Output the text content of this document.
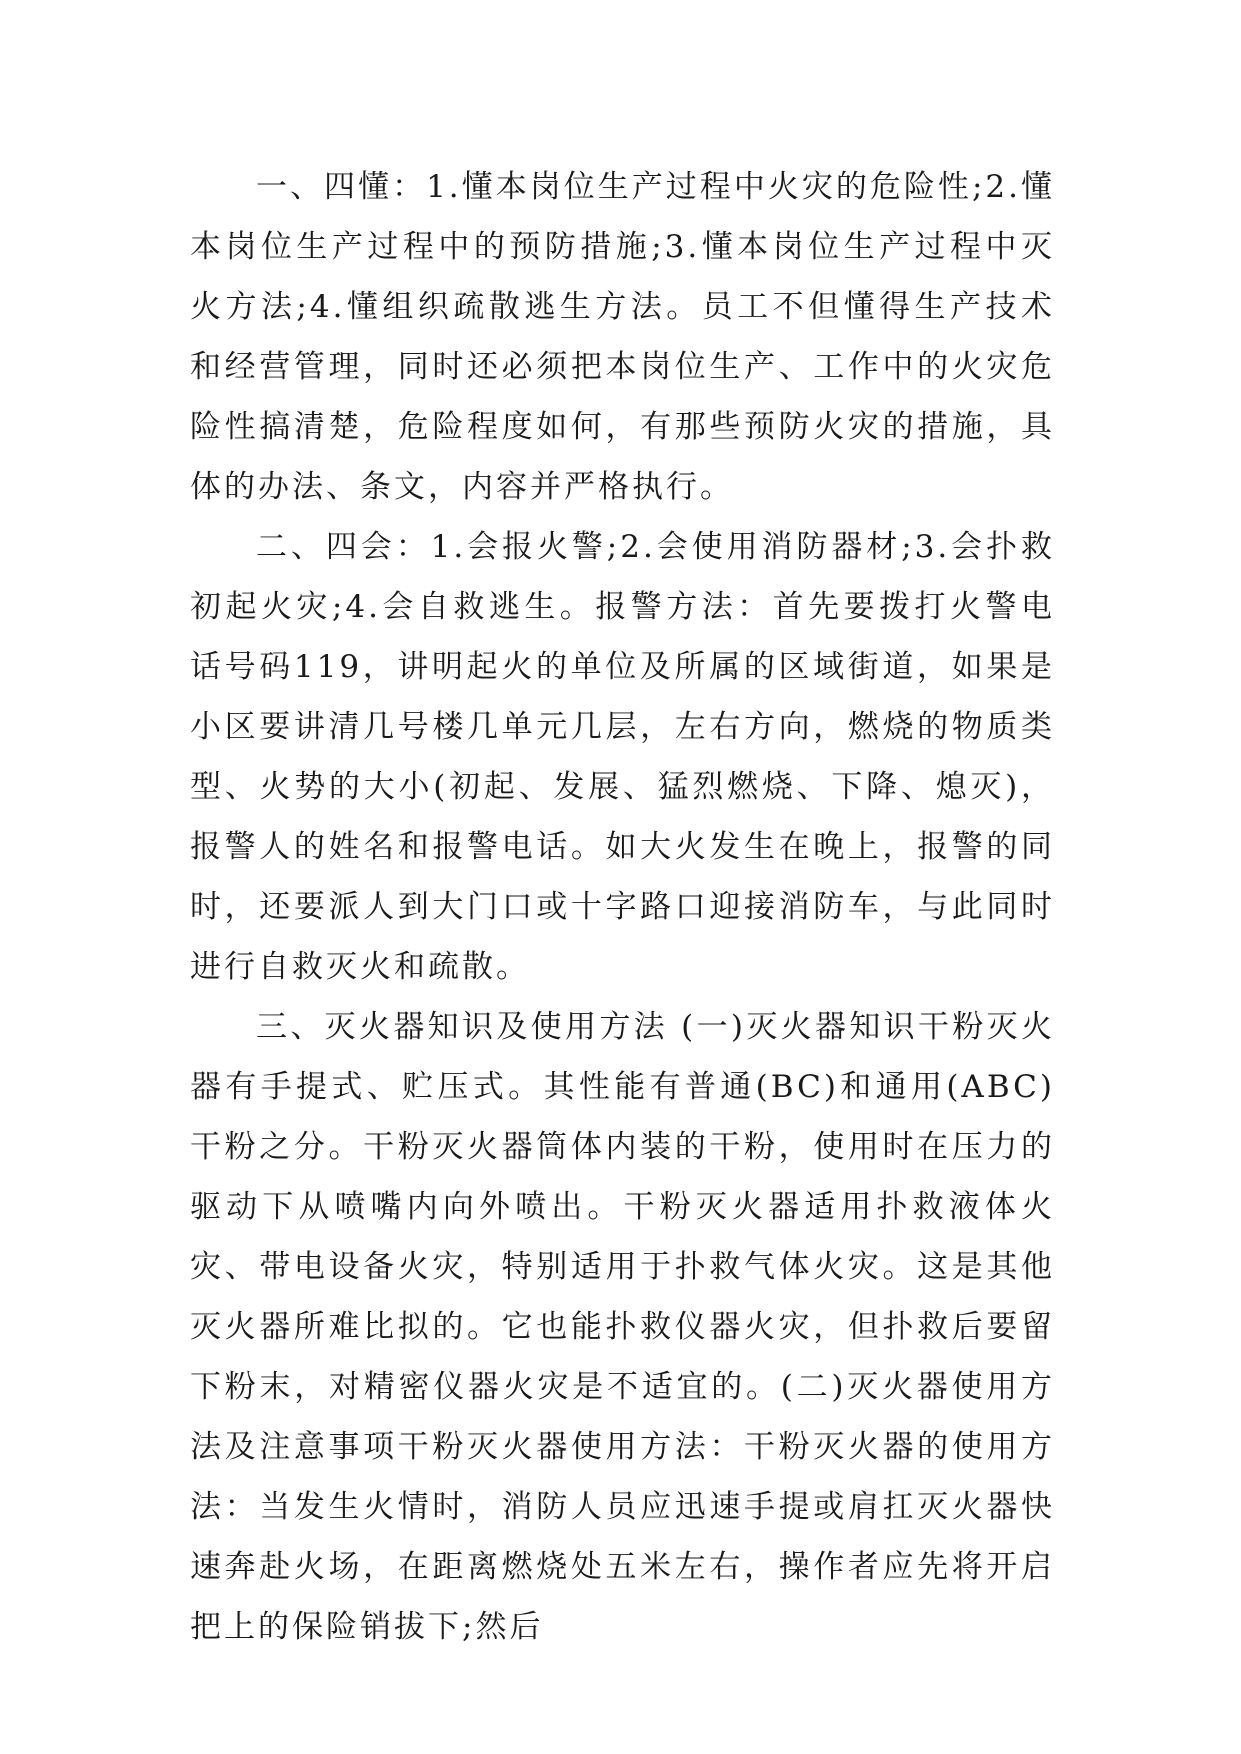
一、四懂：1.懂本岗位生产过程中火灾的危险性;2.懂本岗位生产过程中的预防措施;3.懂本岗位生产过程中灭火方法;4.懂组织疏散逃生方法。员工不但懂得生产技术和经营管理，同时还必须把本岗位生产、工作中的火灾危险性搞清楚，危险程度如何，有那些预防火灾的措施，具体的办法、条文，内容并严格执行。

二、四会：1.会报火警;2.会使用消防器材;3.会扑救初起火灾;4.会自救逃生。报警方法：首先要拨打火警电话号码119，讲明起火的单位及所属的区域街道，如果是小区要讲清几号楼几单元几层，左右方向，燃烧的物质类型、火势的大小(初起、发展、猛烈燃烧、下降、熄灭)，报警人的姓名和报警电话。如大火发生在晚上，报警的同时，还要派人到大门口或十字路口迎接消防车，与此同时进行自救灭火和疏散。

三、灭火器知识及使用方法 (一)灭火器知识干粉灭火器有手提式、贮压式。其性能有普通(BC)和通用(ABC)干粉之分。干粉灭火器筒体内装的干粉，使用时在压力的驱动下从喷嘴内向外喷出。干粉灭火器适用扑救液体火灾、带电设备火灾，特别适用于扑救气体火灾。这是其他灭火器所难比拟的。它也能扑救仪器火灾，但扑救后要留下粉末，对精密仪器火灾是不适宜的。(二)灭火器使用方法及注意事项干粉灭火器使用方法：干粉灭火器的使用方法：当发生火情时，消防人员应迅速手提或肩扛灭火器快速奔赴火场，在距离燃烧处五米左右，操作者应先将开启把上的保险销拔下;然后
